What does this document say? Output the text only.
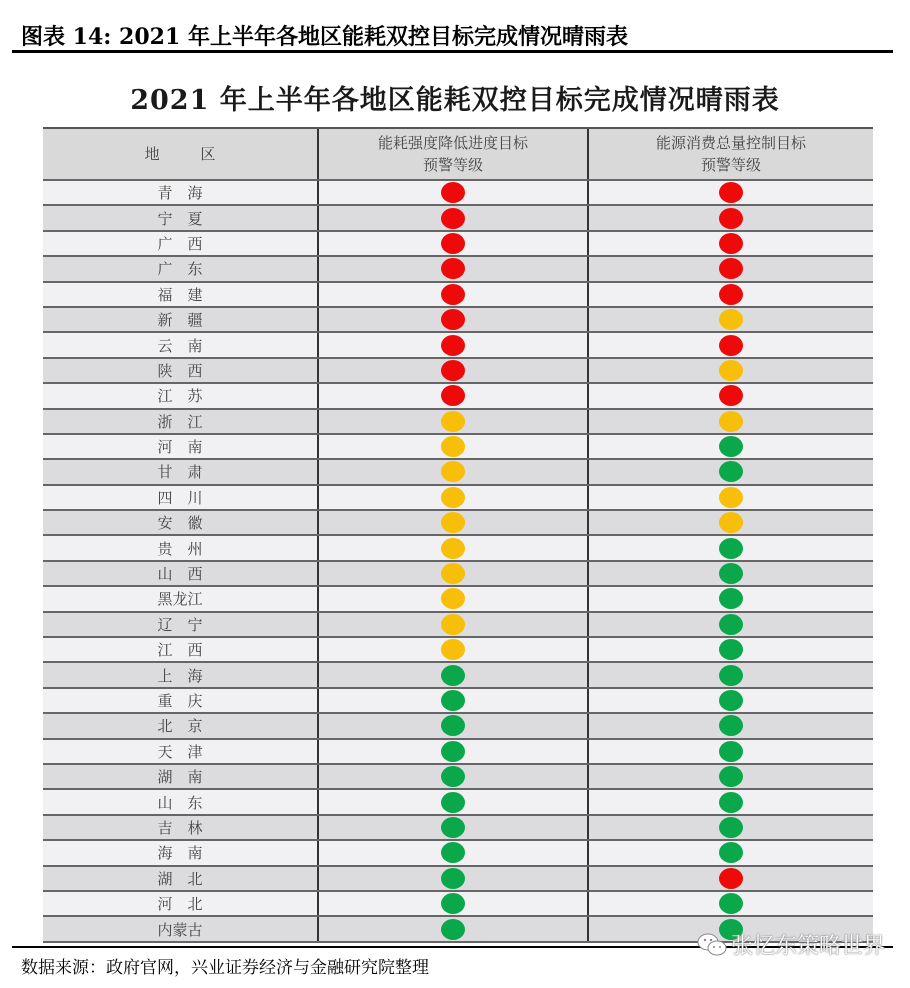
图表 14: 2021 年上半年各地区能耗双控目标完成情况晴雨表
2021 年上半年各地区能耗双控目标完成情况晴雨表
地 区
能耗强度降低进度目标
预警等级
能源消费总量控制目标
预警等级
青　海
宁　夏
广　西
广　东
福　建
新　疆
云　南
陕　西
江　苏
浙　江
河　南
甘　肃
四　川
安　徽
贵　州
山　西
黑龙江
辽　宁
江　西
上　海
重　庆
北　京
天　津
湖　南
山　东
吉　林
海　南
湖　北
河　北
内蒙古
数据来源：政府官网，兴业证券经济与金融研究院整理
张忆东策略世界
